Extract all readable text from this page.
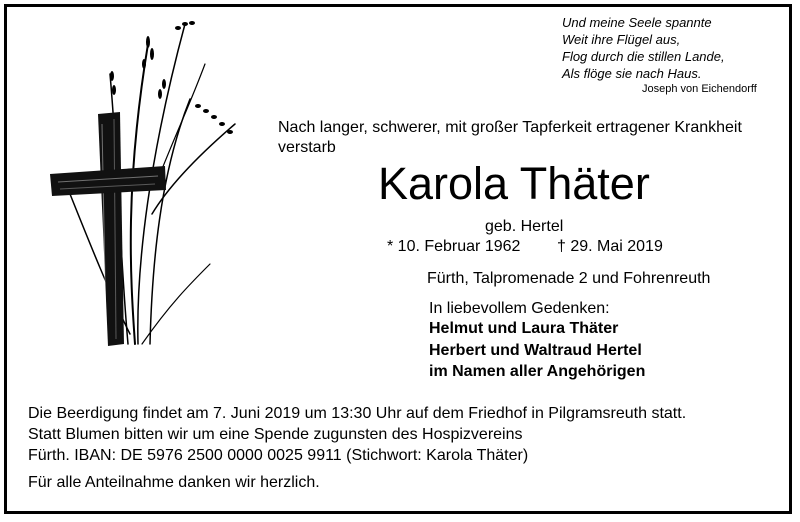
Und meine Seele spannte
Weit ihre Flügel aus,
Flog durch die stillen Lande,
Als flöge sie nach Haus.
Joseph von Eichendorff
Nach langer, schwerer, mit großer Tapferkeit ertragener Krankheit
verstarb
Karola Thäter
geb. Hertel
* 10. Februar 1962 † 29. Mai 2019
Fürth, Talpromenade 2 und Fohrenreuth
In liebevollem Gedenken:
Helmut und Laura Thäter
Herbert und Waltraud Hertel
im Namen aller Angehörigen
Die Beerdigung findet am 7. Juni 2019 um 13:30 Uhr auf dem Friedhof in Pilgramsreuth statt.
Statt Blumen bitten wir um eine Spende zugunsten des Hospizvereins
Fürth. IBAN: DE 5976 2500 0000 0025 9911 (Stichwort: Karola Thäter)
Für alle Anteilnahme danken wir herzlich.
